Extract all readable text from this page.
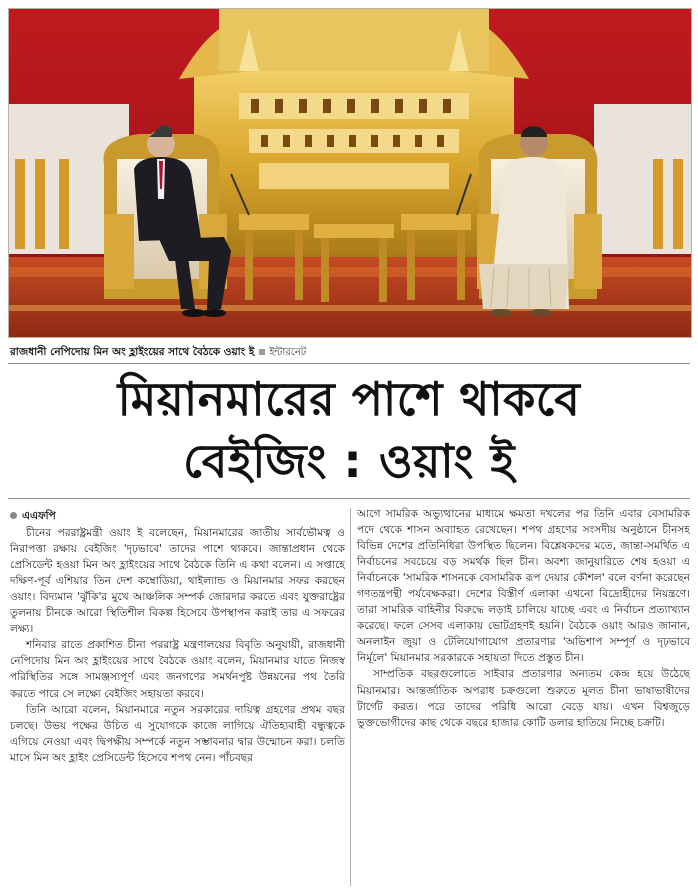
রাজধানী নেপিদোয় মিন অং হ্লাইংয়ের সাথে বৈঠকে ওয়াং ই ইন্টারনেট
মিয়ানমারের পাশে থাকবে
বেইজিং : ওয়াং ই
এএফপি

চীনের পররাষ্ট্রমন্ত্রী ওয়াং ই বলেছেন, মিয়ানমারের জাতীয় সার্বভৌমত্ব ও নিরাপত্তা রক্ষায় বেইজিং 'দৃঢ়ভাবে' তাদের পাশে থাকবে। জান্তাপ্রধান থেকে প্রেসিডেন্ট হওয়া মিন অং হ্লাইংয়ের সাথে বৈঠকে তিনি এ কথা বলেন। এ সপ্তাহে দক্ষিণ-পূর্ব এশিয়ার তিন দেশ কম্বোডিয়া, থাইল্যান্ড ও মিয়ানমার সফর করছেন ওয়াং। বিদ্যমান 'ঝুঁকি'র মুখে আঞ্চলিক সম্পর্ক জোরদার করতে এবং যুক্তরাষ্ট্রের তুলনায় চীনকে আরো স্থিতিশীল বিকল্প হিসেবে উপস্থাপন করাই তার এ সফরের লক্ষ্য।

শনিবার রাতে প্রকাশিত চীনা পররাষ্ট্র মন্ত্রণালয়ের বিবৃতি অনুযায়ী, রাজধানী নেপিদোয় মিন অং হ্লাইংয়ের সাথে বৈঠকে ওয়াং বলেন, মিয়ানমার যাতে নিজস্ব পরিস্থিতির সঙ্গে সামঞ্জস্যপূর্ণ এবং জনগণের সমর্থনপুষ্ট উন্নয়নের পথ তৈরি করতে পারে সে লক্ষ্যে বেইজিং সহায়তা করবে।

তিনি আরো বলেন, মিয়ানমারে নতুন সরকারের দায়িত্ব গ্রহণের প্রথম বছর চলছে। উভয় পক্ষের উচিত এ সুযোগকে কাজে লাগিয়ে ঐতিহ্যবাহী বন্ধুত্বকে এগিয়ে নেওয়া এবং দ্বিপক্ষীয় সম্পর্কে নতুন সম্ভাবনার দ্বার উন্মোচন করা। চলতি মাসে মিন অং হ্লাইং প্রেসিডেন্ট হিসেবে শপথ নেন। পাঁচবছর

আগে সামরিক অভ্যুত্থানের মাধ্যমে ক্ষমতা দখলের পর তিনি এবার বেসামরিক পদে থেকে শাসন অব্যাহত রেখেছেন। শপথ গ্রহণের সংসদীয় অনুষ্ঠানে চীনসহ বিভিন্ন দেশের প্রতিনিধিরা উপস্থিত ছিলেন। বিশ্লেষকদের মতে, জান্তা-সমর্থিত এ নির্বাচনের সবচেয়ে বড় সমর্থক ছিল চীন। অবশ্য জানুয়ারিতে শেষ হওয়া এ নির্বাচনকে 'সামরিক শাসনকে বেসামরিক রূপ দেয়ার কৌশল' বলে বর্ণনা করেছেন গণতন্ত্রপন্থী পর্যবেক্ষকরা। দেশের বিস্তীর্ণ এলাকা এখনো বিদ্রোহীদের নিয়ন্ত্রণে। তারা সামরিক বাহিনীর বিরুদ্ধে লড়াই চালিয়ে যাচ্ছে এবং এ নির্বাচন প্রত্যাখ্যান করেছে। ফলে সেসব এলাকায় ভোটগ্রহণই হয়নি। বৈঠকে ওয়াং আরও জানান, অনলাইন জুয়া ও টেলিযোগাযোগ প্রতারণার 'অভিশাপ সম্পূর্ণ ও দৃঢ়ভাবে নির্মূলে' মিয়ানমার সরকারকে সহায়তা দিতে প্রস্তুত চীন।

সাম্প্রতিক বছরগুলোতে সাইবার প্রতারণার অন্যতম কেন্দ্র হয়ে উঠেছে মিয়ানমার। আন্তর্জাতিক অপরাধ চক্রগুলো শুরুতে মূলত চীনা ভাষাভাষীদের টার্গেট করত। পরে তাদের পরিধি আরো বেড়ে যায়। এখন বিশ্বজুড়ে ভুক্তভোগীদের কাছ থেকে বছরে হাজার কোটি ডলার হাতিয়ে নিচ্ছে চক্রটি।
